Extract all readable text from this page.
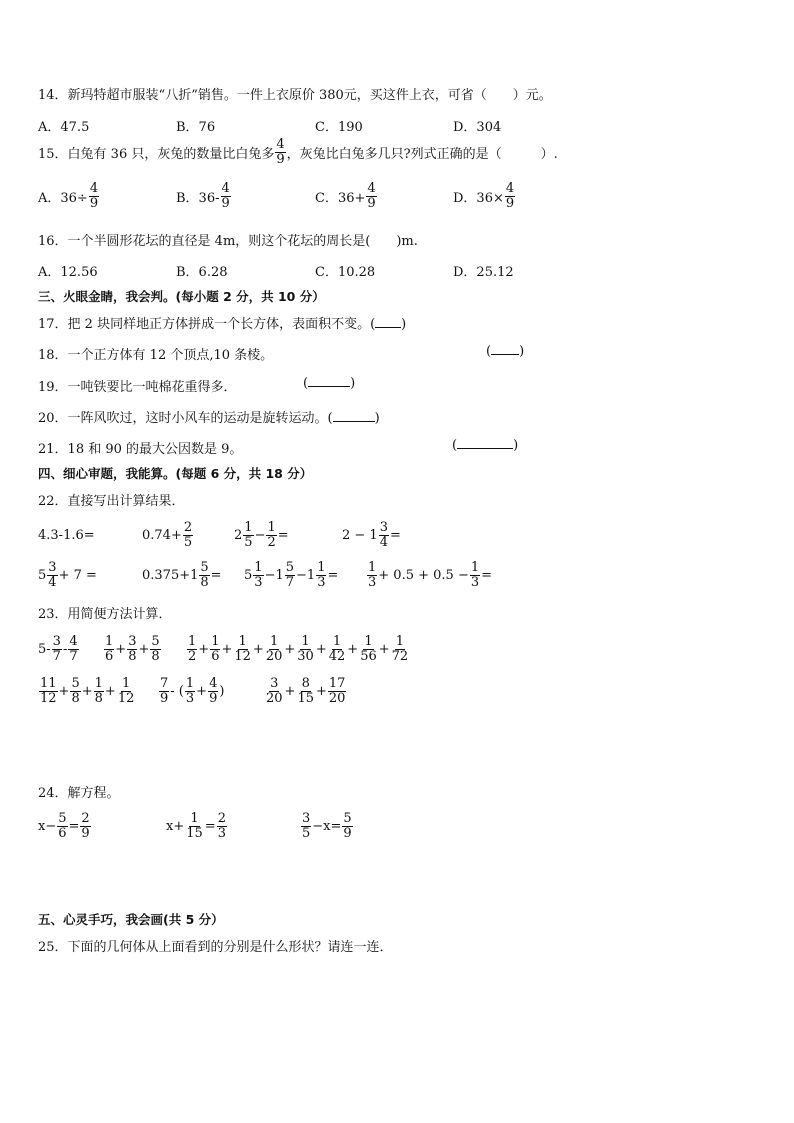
14．新玛特超市服装“八折”销售。一件上衣原价 380元，买这件上衣，可省（　　）元。
A．47.5	B．76	C．190	D．304
15．白兔有 36 只，灰兔的数量比白兔多 $\frac{4}{9}$ ，灰兔比白兔多几只?列式正确的是（　　　）.
A．$36\div \frac{4}{9}$	B．$36- \frac{4}{9}$	C．$36+ \frac{4}{9}$	D．$36\times \frac{4}{9}$
16．一个半圆形花坛的直径是 4m，则这个花坛的周长是(　　)m.
A．12.56	B．6.28	C．10.28	D．25.12
三、火眼金睛，我会判。(每小题 2 分，共 10 分）
17．把 2 块同样地正方体拼成一个长方体，表面积不变。( )
18．一个正方体有 12 个顶点,10 条棱。	( )
19．一吨铁要比一吨棉花重得多．	(	)
20．一阵风吹过，这时小风车的运动是旋转运动。(	)
21．18 和 90 的最大公因数是 9。	(	)
四、细心审题，我能算。(每题 6 分，共 18 分）
22．直接写出计算结果．
4.3-1.6=	$0.74+ \frac{2}{5}$	$2 \frac{1}{5} - \frac{1}{2}$ =	$2 - 1 \frac{3}{4}$ =
$5 \frac{3}{4} + 7$ =	$0.375+1 \frac{5}{8} = 5 \frac{1}{3} -1 \frac{5}{7} -1 \frac{1}{3} = \frac{1}{3} + 0.5 + 0.5 - \frac{1}{3}$ =
23．用简便方法计算．
$5- \frac{3}{7} - \frac{4}{7} \frac{1}{6} + \frac{3}{8} + \frac{5}{8} \frac{1}{2} + \frac{1}{6} + \frac{1}{12} + \frac{1}{20} + \frac{1}{30} + \frac{1}{42} + \frac{1}{56} + \frac{1}{72}$
$\frac{11}{12} + \frac{5}{8} + \frac{1}{8} + \frac{1}{12} \frac{7}{9}$ - ( $\frac{1}{3} + \frac{4}{9}$ )	$\frac{3}{20} + \frac{8}{15} + \frac{17}{20}$
24．解方程。
$x- \frac{5}{6} = \frac{2}{9}$	$x+ \frac{1}{15} = \frac{2}{3}$	$\frac{3}{5} -x= \frac{5}{9}$
五、心灵手巧，我会画(共 5 分）
25．下面的几何体从上面看到的分别是什么形状？请连一连．
